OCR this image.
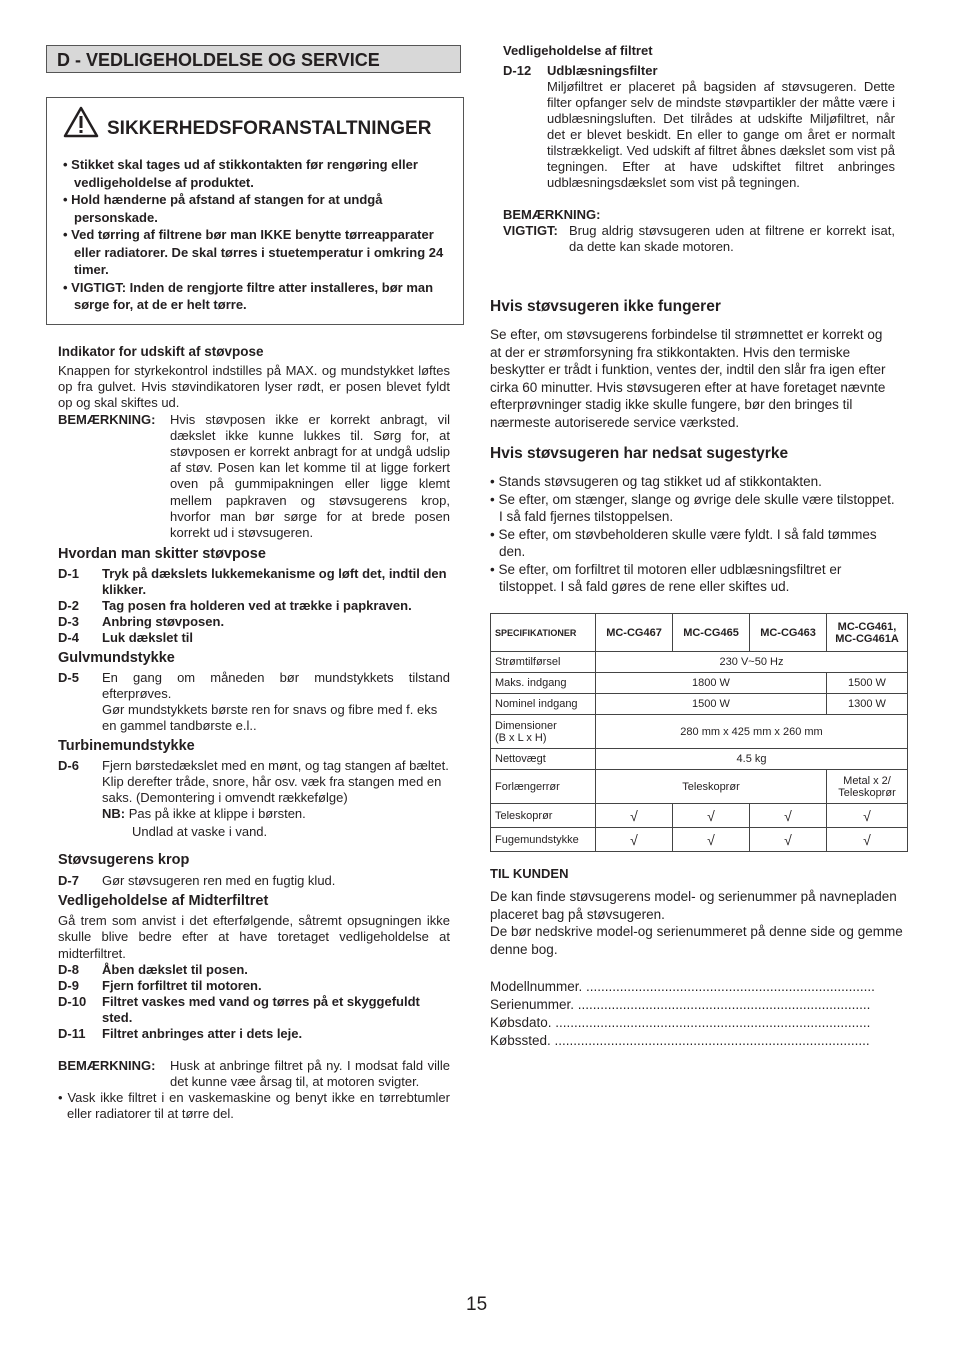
D - VEDLIGEHOLDELSE OG SERVICE
SIKKERHEDSFORANSTALTNINGER
• Stikket skal tages ud af stikkontakten før rengøring eller vedligeholdelse af produktet.
• Hold hænderne på afstand af stangen for at undgå personskade.
• Ved tørring af filtrene bør man IKKE benytte tørreapparater eller radiatorer. De skal tørres i stuetemperatur i omkring 24 timer.
• VIGTIGT: Inden de rengjorte filtre atter installeres, bør man sørge for, at de er helt tørre.
Indikator for udskift af støvpose
Knappen for styrkekontrol indstilles på MAX. og mundstykket løftes op fra gulvet. Hvis støvindikatoren lyser rødt, er posen blevet fyldt op og skal skiftes ud.
BEMÆRKNING:	Hvis støvposen ikke er korrekt anbragt, vil dækslet ikke kunne lukkes til. Sørg for, at støvposen er korrekt anbragt for at undgå udslip af støv. Posen kan let komme til at ligge forkert oven på gummipakningen eller ligge klemt mellem papkraven og støvsugerens krop, hvorfor man bør sørge for at brede posen korrekt ud i støvsugeren.
Hvordan man skitter støvpose
D-1	Tryk på dækslets lukkemekanisme og løft det, indtil den klikker.
D-2	Tag posen fra holderen ved at trække i papkraven.
D-3	Anbring støvposen.
D-4	Luk dækslet til
Gulvmundstykke
D-5	En gang om måneden bør mundstykkets tilstand efterprøves.
Gør mundstykkets børste ren for snavs og fibre med f. eks en gammel tandbørste e.l..
Turbinemundstykke
D-6	Fjern børstedækslet med en mønt, og tag stangen af bæltet.
Klip derefter tråde, snore, hår osv. væk fra stangen med en saks. (Demontering i omvendt rækkefølge)
NB: Pas på ikke at klippe i børsten.
Undlad at vaske i vand.
Støvsugerens krop
D-7	Gør støvsugeren ren med en fugtig klud.
Vedligeholdelse af Midterfiltret
Gå trem som anvist i det efterfølgende, såtremt opsugningen ikke skulle blive bedre efter at have toretaget vedligeholdelse at midterfiltret.
D-8	Åben dækslet til posen.
D-9	Fjern forfiltret til motoren.
D-10	Filtret vaskes med vand og tørres på et skyggefuldt sted.
D-11	Filtret anbringes atter i dets leje.
BEMÆRKNING:	Husk at anbringe filtret på ny. I modsat fald ville det kunne væe årsag til, at motoren svigter.
• Vask ikke filtret i en vaskemaskine og benyt ikke en tørrebtumler eller radiatorer til at tørre del.
Vedligeholdelse af filtret
D-12	Udblæsningsfilter
Miljøfiltret er placeret på bagsiden af støvsugeren. Dette filter opfanger selv de mindste støvpartikler der måtte være i udblæsningsluften. Det tilrådes at udskifte Miljøfiltret, når det er blevet beskidt. En eller to gange om året er normalt tilstrækkeligt. Ved udskift af filtret åbnes dækslet som vist på tegningen. Efter at have udskiftet filtret anbringes udblæsningsdækslet som vist på tegningen.
BEMÆRKNING:
VIGTIGT: Brug aldrig støvsugeren uden at filtrene er korrekt isat, da dette kan skade motoren.
Hvis støvsugeren ikke fungerer
Se efter, om støvsugerens forbindelse til strømnettet er korrekt og at der er strømforsyning fra stikkontakten. Hvis den termiske beskytter er trådt i funktion, ventes der, indtil den slår fra igen efter cirka 60 minutter. Hvis støvsugeren efter at have foretaget nævnte efterprøvninger stadig ikke skulle fungere, bør den bringes til nærmeste autoriserede service værksted.
Hvis støvsugeren har nedsat sugestyrke
• Stands støvsugeren og tag stikket ud af stikkontakten.
• Se efter, om stænger, slange og øvrige dele skulle være tilstoppet. I så fald fjernes tilstoppelsen.
• Se efter, om støvbeholderen skulle være fyldt. I så fald tømmes den.
• Se efter, om forfiltret til motoren eller udblæsningsfiltret er tilstoppet. I så fald gøres de rene eller skiftes ud.
SPECIFIKATIONER	MC-CG467	MC-CG465	MC-CG463	MC-CG461,
MC-CG461A

Strømtilførsel	230 V~50 Hz			
Maks. indgang	1800 W			1500 W
Nominel indgang	1500 W			1300 W

Dimensioner
(B x L x H)	280 mm x 425 mm x 260 mm			
Nettovægt	4.5 kg			
Forlængerrør	Teleskoprør			Metal x 2/
Teleskoprør

Teleskoprør	√	√	√	√
Fugemundstykke	√	√	√	√
TIL KUNDEN
De kan finde støvsugerens model- og serienummer på navnepladen placeret bag på støvsugeren.
De bør nedskrive model-og serienummeret på denne side og gemme denne bog.
Modellnummer. .............................................................................
Serienummer. ..............................................................................
Købsdato. ....................................................................................
Købssted. ....................................................................................
15
